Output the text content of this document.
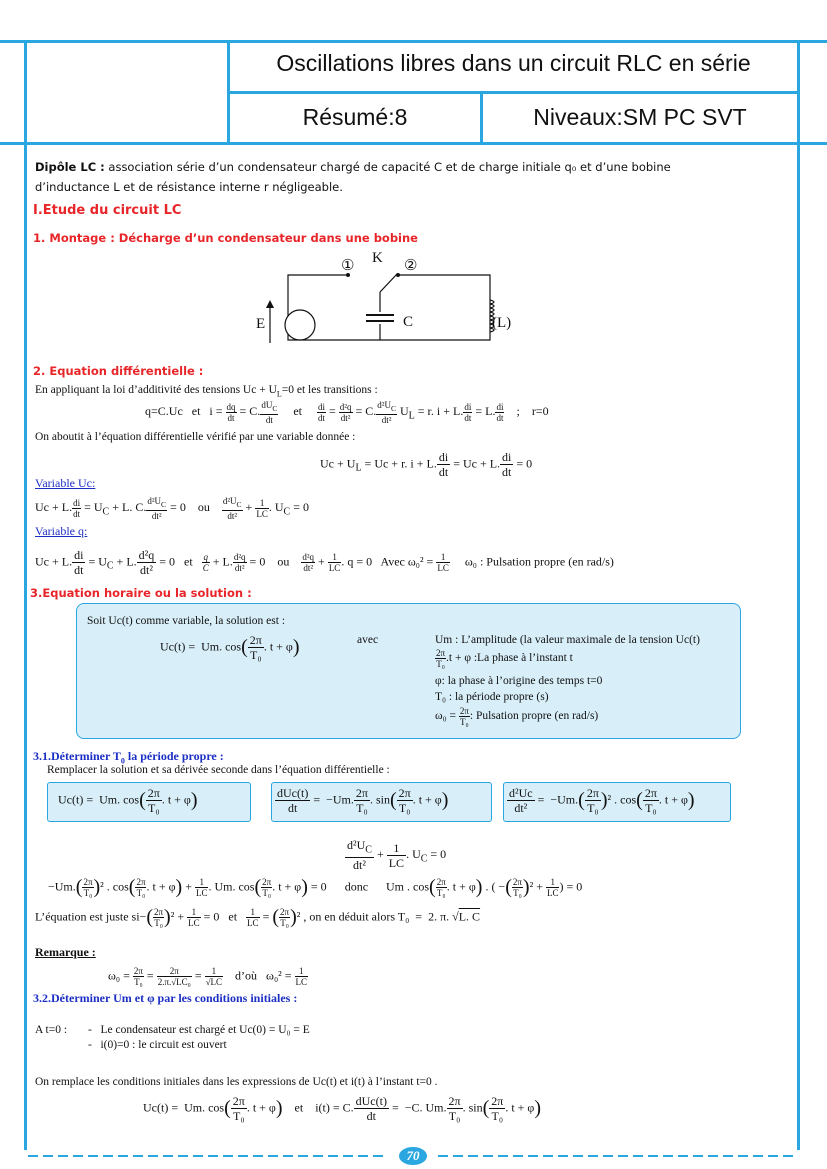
Oscillations libres dans un circuit RLC en série
Résumé:8	Niveaux:SM PC SVT
Dipôle LC : association série d’un condensateur chargé de capacité C et de charge initiale q₀ et d’une bobine
d’inductance L et de résistance interne r négligeable.
I.Etude du circuit LC
1. Montage : Décharge d’un condensateur dans une bobine
K
①	②
E	C	(L)
2. Equation différentielle :
En appliquant la loi d’additivité des tensions $Uc + U_L=0$ et les transitions :
q=C.Uc   et   $i = \frac{dq}{dt} = C$. $\frac{dU_C}{dt}$ et $\frac{di}{dt} = \frac{\text{d²q}}{\text{dt²}} = C$. $\frac{d^2U_C}{\text{dt²}} U_L = r$. i + L. $\frac{di}{dt} = L$. $\frac{di}{dt}$ ;    r=0
On aboutit à l’équation différentielle vérifié par une variable donnée :
$Uc + U_L = Uc + r$. i + L. $\frac{di}{dt} = Uc + L$. $\frac{di}{dt} = 0$
Variable Uc:
Uc + L. $\frac{di}{dt} = U_C + L$. C. $\frac{d^2U_C}{\text{dt²}} = 0$    ou $\frac{d^2U_C}{\text{dt²}} + \frac{1}{LC}$ . $U_C = 0$
Variable q:
Uc + L. $\frac{di}{dt} = U_C + L$. $\frac{\text{d²q}}{\text{dt²}} = 0$   et $\frac{q}{C} + L$. $\frac{\text{d²q}}{\text{dt²}} = 0$    ou $\frac{\text{d²q}}{\text{dt²}} + \frac{1}{LC}$ . q = 0   Avec $\omega_0^2 = \frac{1}{LC} \omega_0$ : Pulsation propre (en rad/s)
3.Equation horaire ou la solution :
Soit Uc(t) comme variable, la solution est :
Uc(t) =  Um. $\cos( \frac{2\pi}{\text{T₀}}$ . t + φ)	avec	Um : L’amplitude (la valeur maximale de la tension Uc(t)
$\frac{2\pi}{\text{T₀}} .t + \varphi$ :La phase à l’instant t
φ: la phase à l’origine des temps t=0
T₀ : la période propre (s)
$\omega_0 = \frac{2\pi}{\text{T₀}}$ : Pulsation propre (en rad/s)
3.1.Déterminer $T_0$ la période propre :
Remplacer la solution et sa dérivée seconde dans l’équation différentielle :
Uc(t) =  Um. $\cos( \frac{2\pi}{\text{T₀}}$ . t + φ)	dUc(t)
dt
=  −Um. $\frac{2\pi}{\text{T₀}}$ . $\sin( \frac{2\pi}{\text{T₀}}$ . t + φ)	$\frac{\text{d²Uc}}{\text{dt²}} = -Um.( \frac{2\pi}{\text{T₀}} )^2$ . $\cos( \frac{2\pi}{\text{T₀}}$ . t + φ)
$\frac{d^2U_C}{\text{dt²}} + \frac{1}{LC}$ . $U_C = 0$
$-Um.( \frac{2\pi}{\text{T₀}} )^2$ . $\cos( \frac{2\pi}{\text{T₀}}$ . $t + \varphi) + \frac{1}{LC}$ . Um. $\cos( \frac{2\pi}{\text{T₀}}$ . t + φ) = 0      donc      Um . $\cos( \frac{2\pi}{\text{T₀}}$ . t + φ) . ( −( $\frac{2\pi}{\text{T₀}} )^2 + \frac{1}{LC}$ ) = 0
L’équation est juste $si-( \frac{2\pi}{\text{T₀}} )^2 + \frac{1}{LC} = 0$   et $\frac{1}{LC}$ = ( $\frac{2\pi}{\text{T₀}} )^2$ , on en déduit alors T₀  =  2. π. √L. C
Remarque :
$\omega_0 = \frac{2\pi}{\text{T₀}} = \frac{2\pi}{\text{2.π.√LC₀}} = \frac{1}{√LC}$ d’où   $\omega_0^2 = \frac{1}{LC}$
3.2.Déterminer Um et φ par les conditions initiales :
A t=0 : -   Le condensateur est chargé et Uc(0) = U₀ = E
-   i(0)=0 : le circuit est ouvert
On remplace les conditions initiales dans les expressions de Uc(t) et i(t) à l’instant t=0 .
Uc(t) =  Um. $\cos( \frac{2\pi}{\text{T₀}}$ . t + φ)    et    i(t) = C. dUc(t)
dt
=  −C. Um. $\frac{2\pi}{\text{T₀}}$ . $\sin( \frac{2\pi}{\text{T₀}}$ . t + φ)
70
